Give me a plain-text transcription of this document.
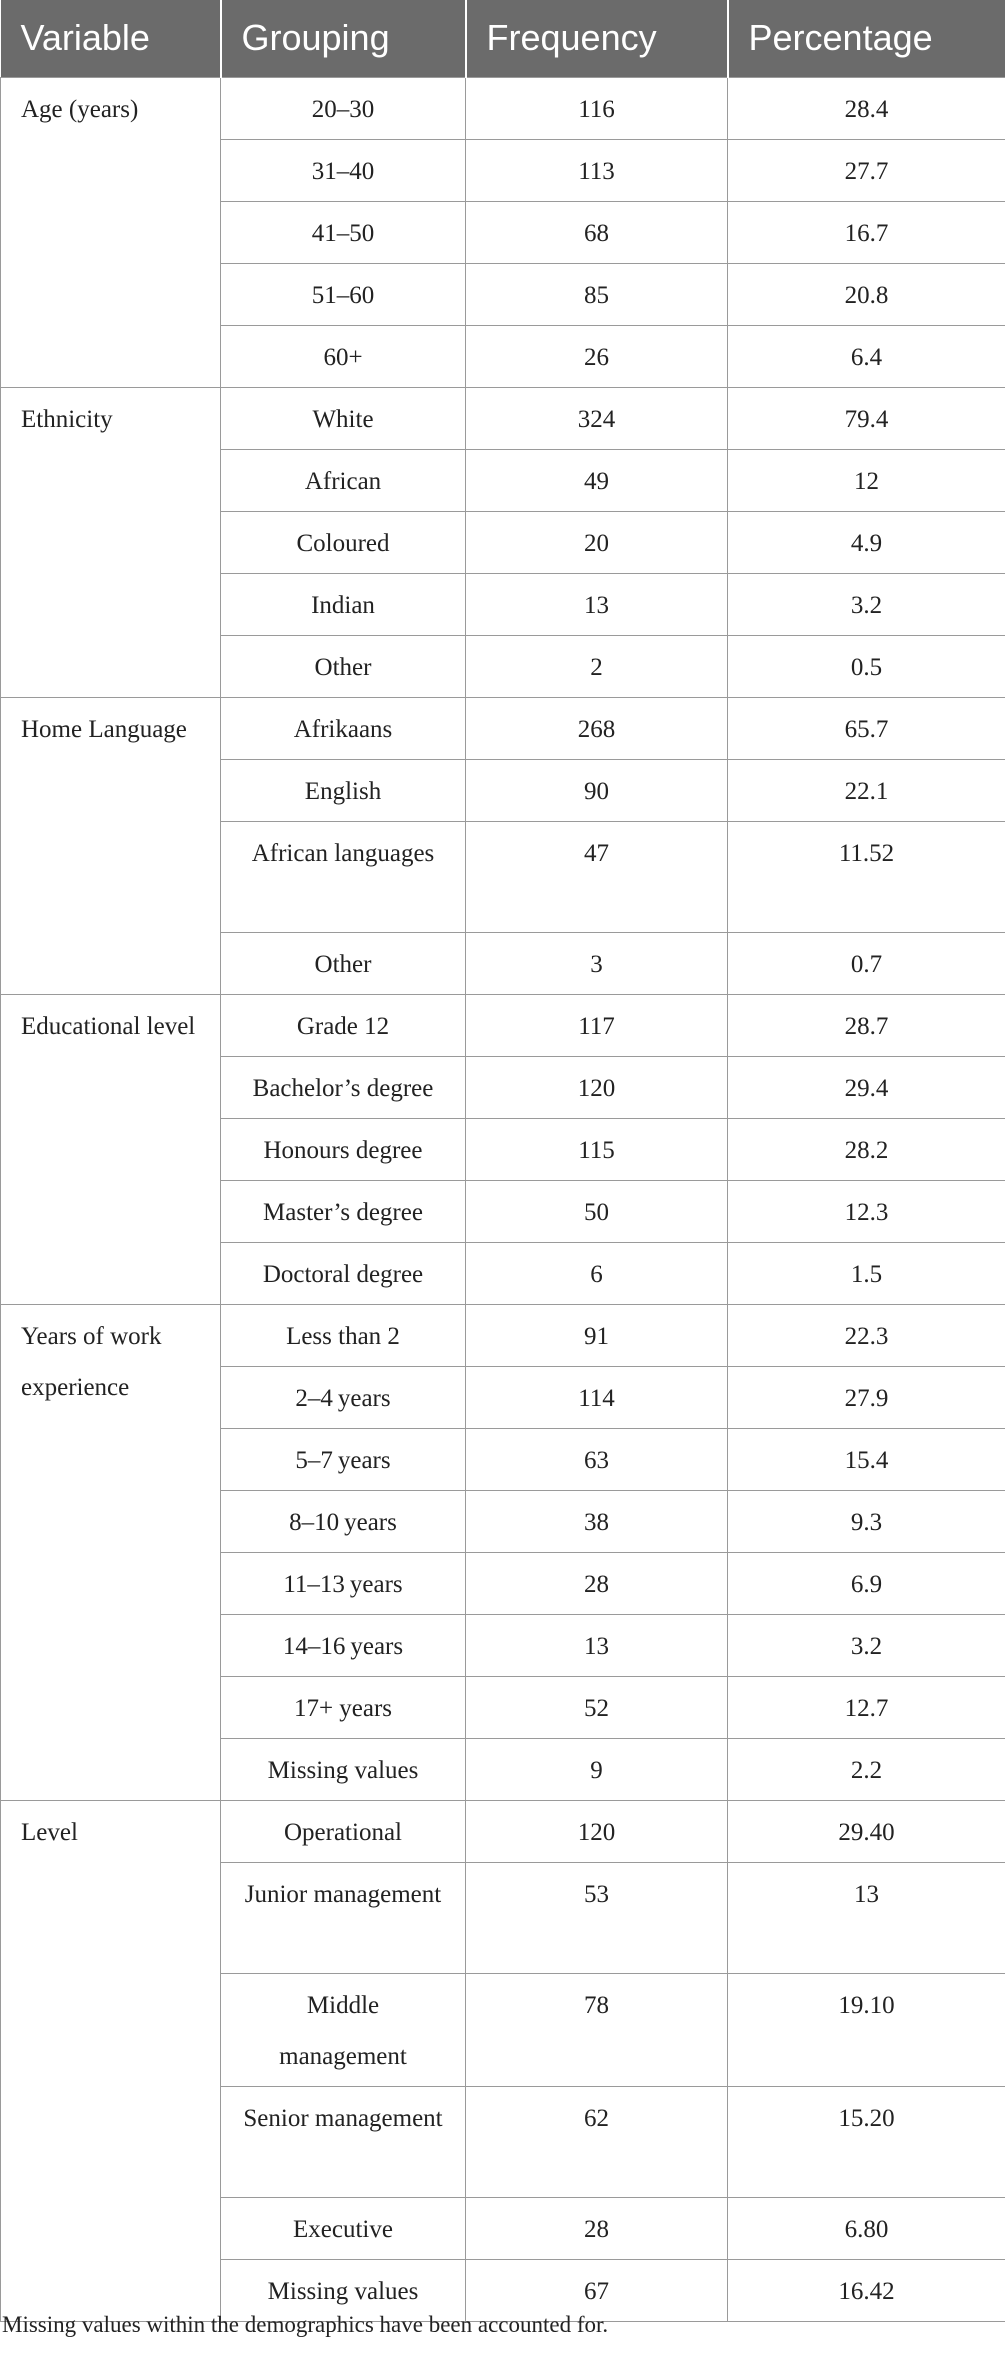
Variable	Grouping	Frequency	Percentage
Age (years)	20–30	116	28.4
	31–40	113	27.7
	41–50	68	16.7
	51–60	85	20.8
	60+	26	6.4
Ethnicity	White	324	79.4
	African	49	12
	Coloured	20	4.9
	Indian	13	3.2
	Other	2	0.5
Home Language	Afrikaans	268	65.7
	English	90	22.1
	African languages	47	11.52
	Other	3	0.7
Educational level	Grade 12	117	28.7
	Bachelor’s degree	120	29.4
	Honours degree	115	28.2
	Master’s degree	50	12.3
	Doctoral degree	6	1.5
Years of work experience	Less than 2	91	22.3
	2–4 years	114	27.9
	5–7 years	63	15.4
	8–10 years	38	9.3
	11–13 years	28	6.9
	14–16 years	13	3.2
	17+ years	52	12.7
	Missing values	9	2.2
Level	Operational	120	29.40
	Junior management	53	13
	Middle management	78	19.10
	Senior management	62	15.20
	Executive	28	6.80
	Missing values	67	16.42
Missing values within the demographics have been accounted for.
